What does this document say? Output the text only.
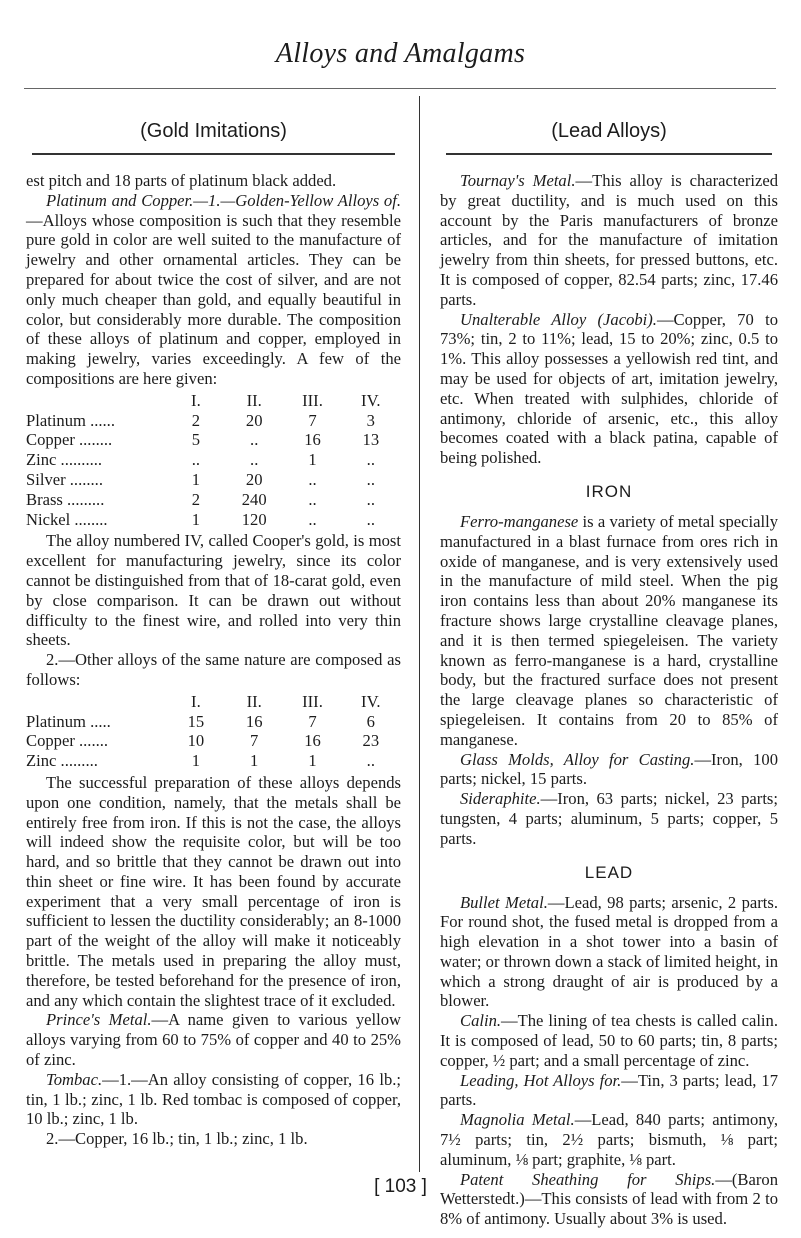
Alloys and Amalgams
(Gold Imitations)

est pitch and 18 parts of platinum black added.

Platinum and Copper.—1.—Golden-Yellow Alloys of.—Alloys whose composition is such that they resemble pure gold in color are well suited to the manufacture of jewelry and other ornamental articles. They can be prepared for about twice the cost of silver, and are not only much cheaper than gold, and equally beautiful in color, but considerably more durable. The composition of these alloys of platinum and copper, employed in making jewelry, varies exceedingly. A few of the compositions are here given:

	I.	II.	III.	IV.
Platinum ......	2	20	7	3
Copper ........	5	..	16	13
Zinc ..........	..	..	1	..
Silver ........	1	20	..	..
Brass .........	2	240	..	..
Nickel ........	1	120	..	..

The alloy numbered IV, called Cooper's gold, is most excellent for manufacturing jewelry, since its color cannot be distinguished from that of 18-carat gold, even by close comparison. It can be drawn out without difficulty to the finest wire, and rolled into very thin sheets.

2.—Other alloys of the same nature are composed as follows:

	I.	II.	III.	IV.
Platinum .....	15	16	7	6
Copper .......	10	7	16	23
Zinc .........	1	1	1	..

The successful preparation of these alloys depends upon one condition, namely, that the metals shall be entirely free from iron. If this is not the case, the alloys will indeed show the requisite color, but will be too hard, and so brittle that they cannot be drawn out into thin sheet or fine wire. It has been found by accurate experiment that a very small percentage of iron is sufficient to lessen the ductility considerably; an 8-1000 part of the weight of the alloy will make it noticeably brittle. The metals used in preparing the alloy must, therefore, be tested beforehand for the presence of iron, and any which contain the slightest trace of it excluded.

Prince's Metal.—A name given to various yellow alloys varying from 60 to 75% of copper and 40 to 25% of zinc.

Tombac.—1.—An alloy consisting of copper, 16 lb.; tin, 1 lb.; zinc, 1 lb. Red tombac is composed of copper, 10 lb.; zinc, 1 lb.

2.—Copper, 16 lb.; tin, 1 lb.; zinc, 1 lb.

(Lead Alloys)

Tournay's Metal.—This alloy is characterized by great ductility, and is much used on this account by the Paris manufacturers of bronze articles, and for the manufacture of imitation jewelry from thin sheets, for pressed buttons, etc. It is composed of copper, 82.54 parts; zinc, 17.46 parts.

Unalterable Alloy (Jacobi).—Copper, 70 to 73%; tin, 2 to 11%; lead, 15 to 20%; zinc, 0.5 to 1%. This alloy possesses a yellowish red tint, and may be used for objects of art, imitation jewelry, etc. When treated with sulphides, chloride of antimony, chloride of arsenic, etc., this alloy becomes coated with a black patina, capable of being polished.

IRON

Ferro-manganese is a variety of metal specially manufactured in a blast furnace from ores rich in oxide of manganese, and is very extensively used in the manufacture of mild steel. When the pig iron contains less than about 20% manganese its fracture shows large crystalline cleavage planes, and it is then termed spiegeleisen. The variety known as ferro-manganese is a hard, crystalline body, but the fractured surface does not present the large cleavage planes so characteristic of spiegeleisen. It contains from 20 to 85% of manganese.

Glass Molds, Alloy for Casting.—Iron, 100 parts; nickel, 15 parts.

Sideraphite.—Iron, 63 parts; nickel, 23 parts; tungsten, 4 parts; aluminum, 5 parts; copper, 5 parts.

LEAD

Bullet Metal.—Lead, 98 parts; arsenic, 2 parts. For round shot, the fused metal is dropped from a high elevation in a shot tower into a basin of water; or thrown down a stack of limited height, in which a strong draught of air is produced by a blower.

Calin.—The lining of tea chests is called calin. It is composed of lead, 50 to 60 parts; tin, 8 parts; copper, ½ part; and a small percentage of zinc.

Leading, Hot Alloys for.—Tin, 3 parts; lead, 17 parts.

Magnolia Metal.—Lead, 840 parts; antimony, 7½ parts; tin, 2½ parts; bismuth, ⅛ part; aluminum, ⅛ part; graphite, ⅛ part.

Patent Sheathing for Ships.—(Baron Wetterstedt.)—This consists of lead with from 2 to 8% of antimony. Usually about 3% is used.

[ 103 ]
